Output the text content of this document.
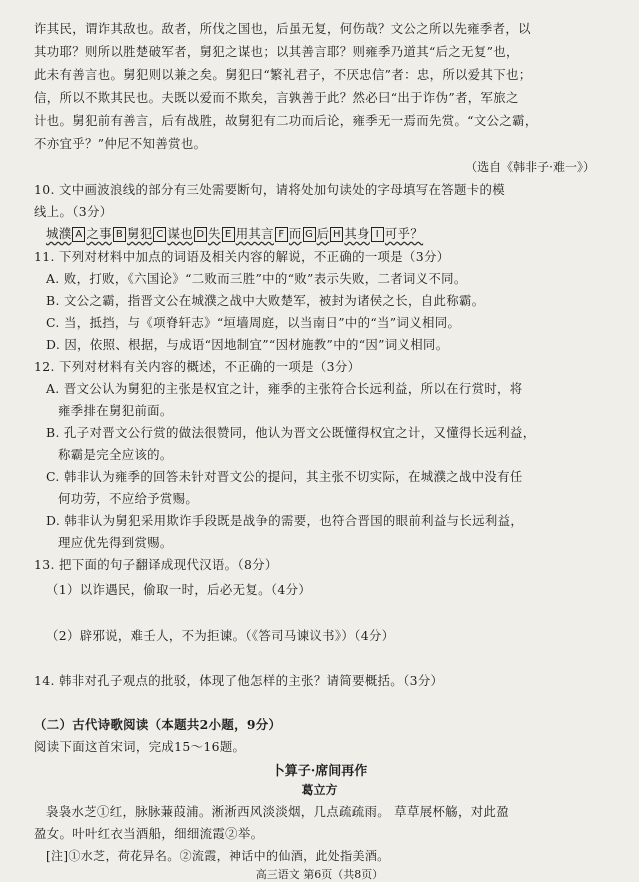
诈其民，谓诈其敌也。敌者，所伐之国也，后虽无复，何伤哉？文公之所以先雍季者，以
其功耶？则所以胜楚破军者，舅犯之谋也；以其善言耶？则雍季乃道其“后之无复”也，
此未有善言也。舅犯则以兼之矣。舅犯曰“繁礼君子，不厌忠信”者：忠，所以爱其下也；
信，所以不欺其民也。夫既以爱而不欺矣，言孰善于此？然必曰“出于诈伪”者，军旅之
计也。舅犯前有善言，后有战胜，故舅犯有二功而后论，雍季无一焉而先赏。“文公之霸，
不亦宜乎？”仲尼不知善赏也。
（选自《韩非子·难一》）
10. 文中画波浪线的部分有三处需要断句，请将处加句读处的字母填写在答题卡的模
线上。（3分）
城濮 A 之事 B 舅犯 C 谋也 D 失 E 用其言 F 而 G 后 H 其身 I 可乎？
11. 下列对材料中加点的词语及相关内容的解说，不正确的一项是（3分）
A. 败，打败，《六国论》“二败而三胜”中的“败”表示失败，二者词义不同。
B. 文公之霸，指晋文公在城濮之战中大败楚军，被封为诸侯之长，自此称霸。
C. 当，抵挡，与《项脊轩志》“垣墙周庭，以当南日”中的“当”词义相同。
D. 因，依照、根据，与成语“因地制宜”“因材施教”中的“因”词义相同。
12. 下列对材料有关内容的概述，不正确的一项是（3分）
A. 晋文公认为舅犯的主张是权宜之计，雍季的主张符合长远利益，所以在行赏时，将
雍季排在舅犯前面。
B. 孔子对晋文公行赏的做法很赞同，他认为晋文公既懂得权宜之计，又懂得长远利益，
称霸是完全应该的。
C. 韩非认为雍季的回答未针对晋文公的提问，其主张不切实际，在城濮之战中没有任
何功劳，不应给予赏赐。
D. 韩非认为舅犯采用欺诈手段既是战争的需要，也符合晋国的眼前利益与长远利益，
理应优先得到赏赐。
13. 把下面的句子翻译成现代汉语。（8分）
（1）以诈遇民，偷取一时，后必无复。（4分）
（2）辟邪说，难壬人，不为拒谏。（《答司马谏议书》）（4分）
14. 韩非对孔子观点的批驳，体现了他怎样的主张？请简要概括。（3分）
（二）古代诗歌阅读（本题共2小题，9分）
阅读下面这首宋词，完成15～16题。
卜算子·席间再作
葛立方
袅袅水芝①红，脉脉蒹葭浦。淅淅西风淡淡烟，几点疏疏雨。 草草展杯觞，对此盈
盈女。叶叶红衣当酒船，细细流霞②举。
[注]①水芝，荷花异名。②流霞，神话中的仙酒，此处指美酒。
高三语文 第6页（共8页）
